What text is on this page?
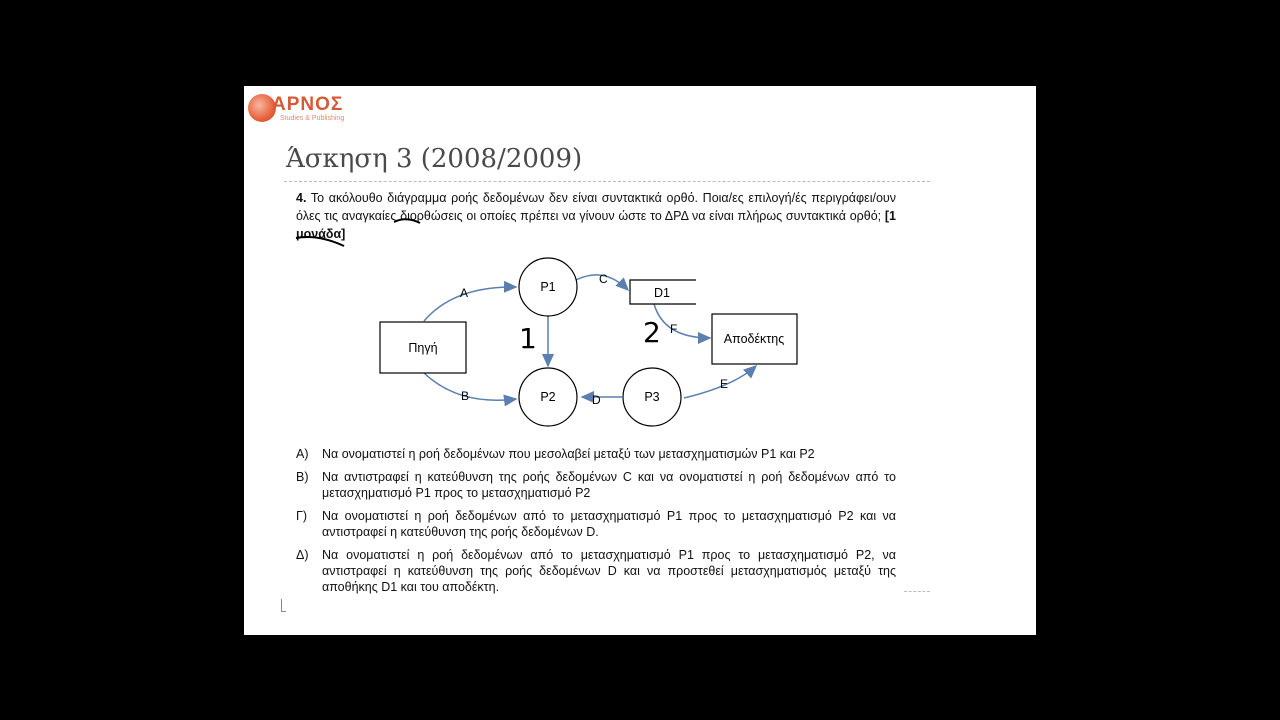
ΑΡΝΟΣ
Studies & Publishing
Άσκηση 3 (2008/2009)
4. Το ακόλουθο διάγραμμα ροής δεδομένων δεν είναι συντακτικά ορθό. Ποια/ες επιλογή/ές περιγράφει/ουν όλες τις αναγκαίες διορθώσεις οι οποίες πρέπει να γίνουν ώστε το ΔΡΔ να είναι πλήρως συντακτικά ορθό; [1 μονάδα]
Πηγή
P1
P2	P3
D1
Αποδέκτης
A
B
C
D
E
F
1	2
Α)	Να ονοματιστεί η ροή δεδομένων που μεσολαβεί μεταξύ των μετασχηματισμών P1 και P2
Β)	Να αντιστραφεί η κατεύθυνση της ροής δεδομένων C και να ονοματιστεί η ροή δεδομένων από το μετασχηματισμό P1 προς το μετασχηματισμό P2
Γ)	Να ονοματιστεί η ροή δεδομένων από το μετασχηματισμό P1 προς το μετασχηματισμό P2 και να αντιστραφεί η κατεύθυνση της ροής δεδομένων D.
Δ)	Να ονοματιστεί η ροή δεδομένων από το μετασχηματισμό P1 προς το μετασχηματισμό P2, να αντιστραφεί η κατεύθυνση της ροής δεδομένων D και να προστεθεί μετασχηματισμός μεταξύ της αποθήκης D1 και του αποδέκτη.
